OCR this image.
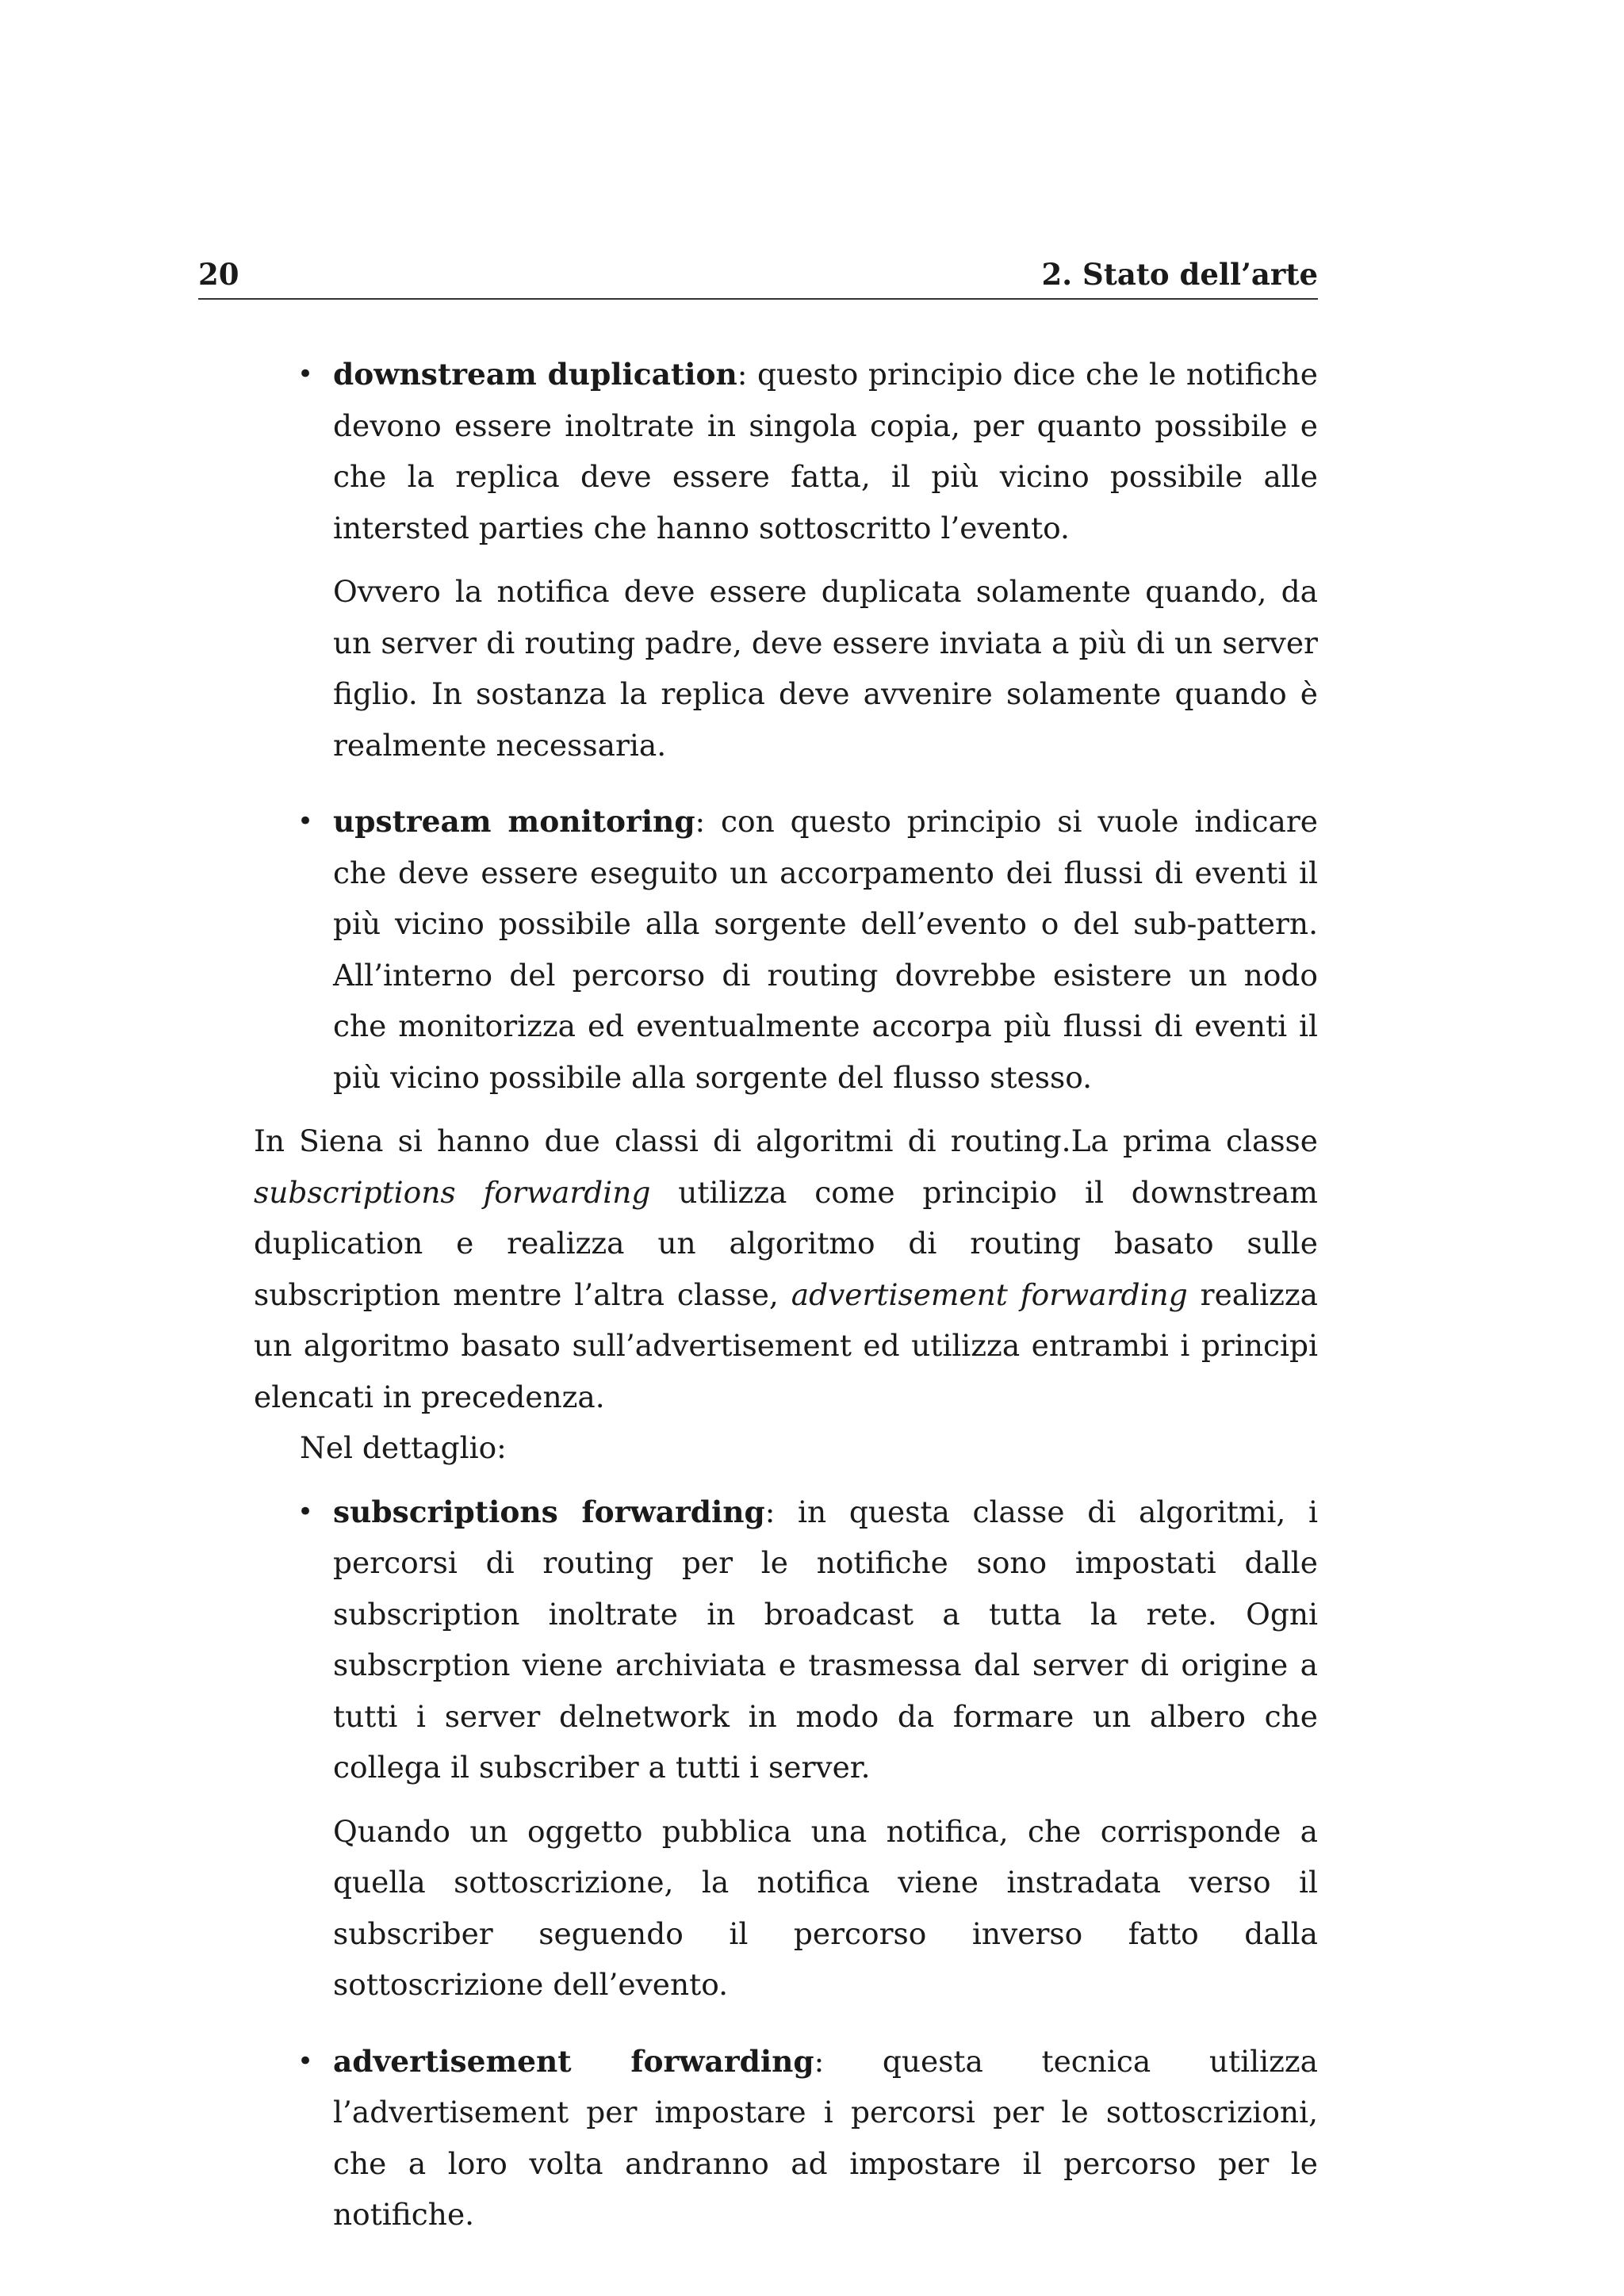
20	2. Stato dell’arte
• downstream duplication: questo principio dice che le notifiche devono essere inoltrate in singola copia, per quanto possibile e che la replica deve essere fatta, il più vicino possibile alle intersted parties che hanno sottoscritto l’evento.

Ovvero la notifica deve essere duplicata solamente quando, da un server di routing padre, deve essere inviata a più di un server figlio. In sostanza la replica deve avvenire solamente quando è realmente necessaria.

• upstream monitoring: con questo principio si vuole indicare che deve essere eseguito un accorpamento dei flussi di eventi il più vicino possibile alla sorgente dell’evento o del sub-pattern. All’interno del percorso di routing dovrebbe esistere un nodo che monitorizza ed eventualmente accorpa più flussi di eventi il più vicino possibile alla sorgente del flusso stesso.

In Siena si hanno due classi di algoritmi di routing.La prima classe subscriptions forwarding utilizza come principio il downstream duplication e realizza un algoritmo di routing basato sulle subscription mentre l’altra classe, advertisement forwarding realizza un algoritmo basato sull’advertisement ed utilizza entrambi i principi elencati in precedenza.

Nel dettaglio:

• subscriptions forwarding: in questa classe di algoritmi, i percorsi di routing per le notifiche sono impostati dalle subscription inoltrate in broadcast a tutta la rete. Ogni subscrption viene archiviata e trasmessa dal server di origine a tutti i server delnetwork in modo da formare un albero che collega il subscriber a tutti i server.

Quando un oggetto pubblica una notifica, che corrisponde a quella sottoscrizione, la notifica viene instradata verso il subscriber seguendo il percorso inverso fatto dalla sottoscrizione dell’evento.

• advertisement forwarding: questa tecnica utilizza l’advertisement per impostare i percorsi per le sottoscrizioni, che a loro volta andranno ad impostare il percorso per le notifiche.
